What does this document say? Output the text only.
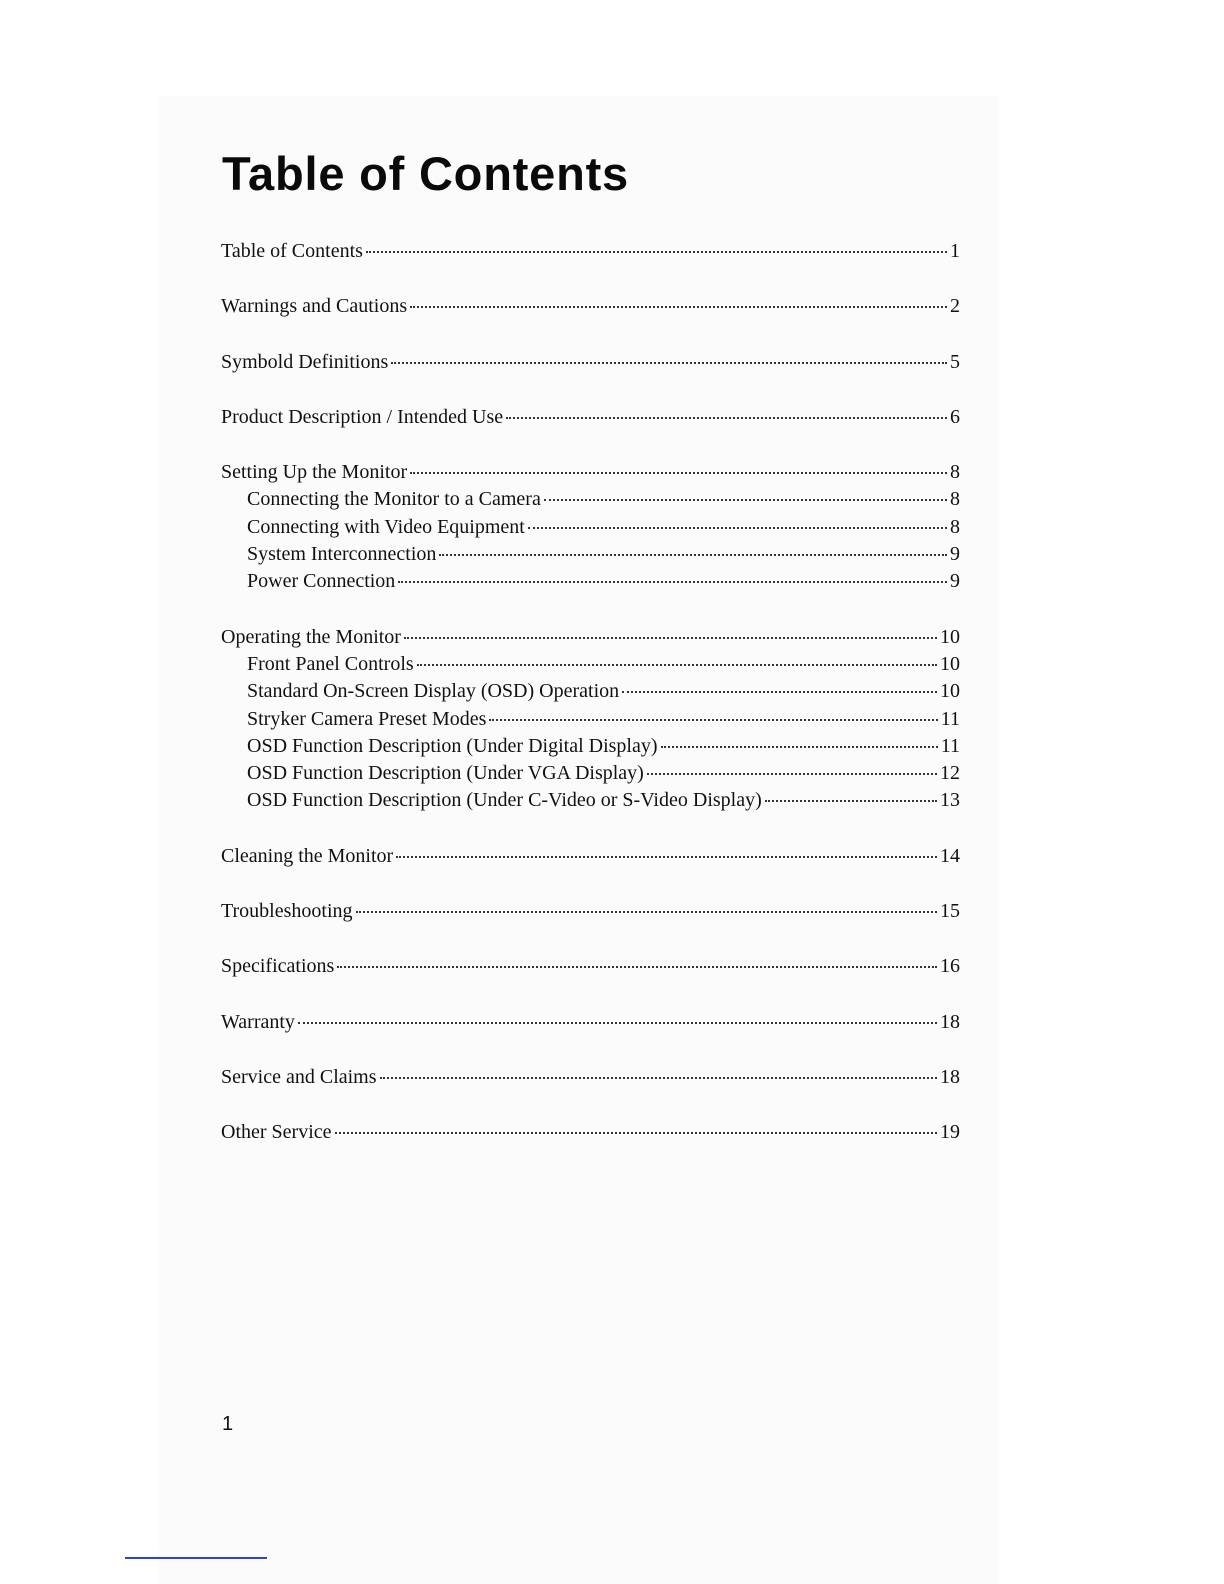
Table of Contents
Table of Contents	1
Warnings and Cautions	2
Symbold Definitions	5
Product Description / Intended Use	6
Setting Up the Monitor	8
Connecting the Monitor to a Camera	8
Connecting with Video Equipment	8
System Interconnection	9
Power Connection	9
Operating the Monitor	10
Front Panel Controls	10
Standard On-Screen Display (OSD) Operation	10
Stryker Camera Preset Modes	11
OSD Function Description (Under Digital Display)	11
OSD Function Description (Under VGA Display)	12
OSD Function Description (Under C-Video or S-Video Display)	13
Cleaning the Monitor	14
Troubleshooting	15
Specifications	16
Warranty	18
Service and Claims	18
Other Service	19
1
